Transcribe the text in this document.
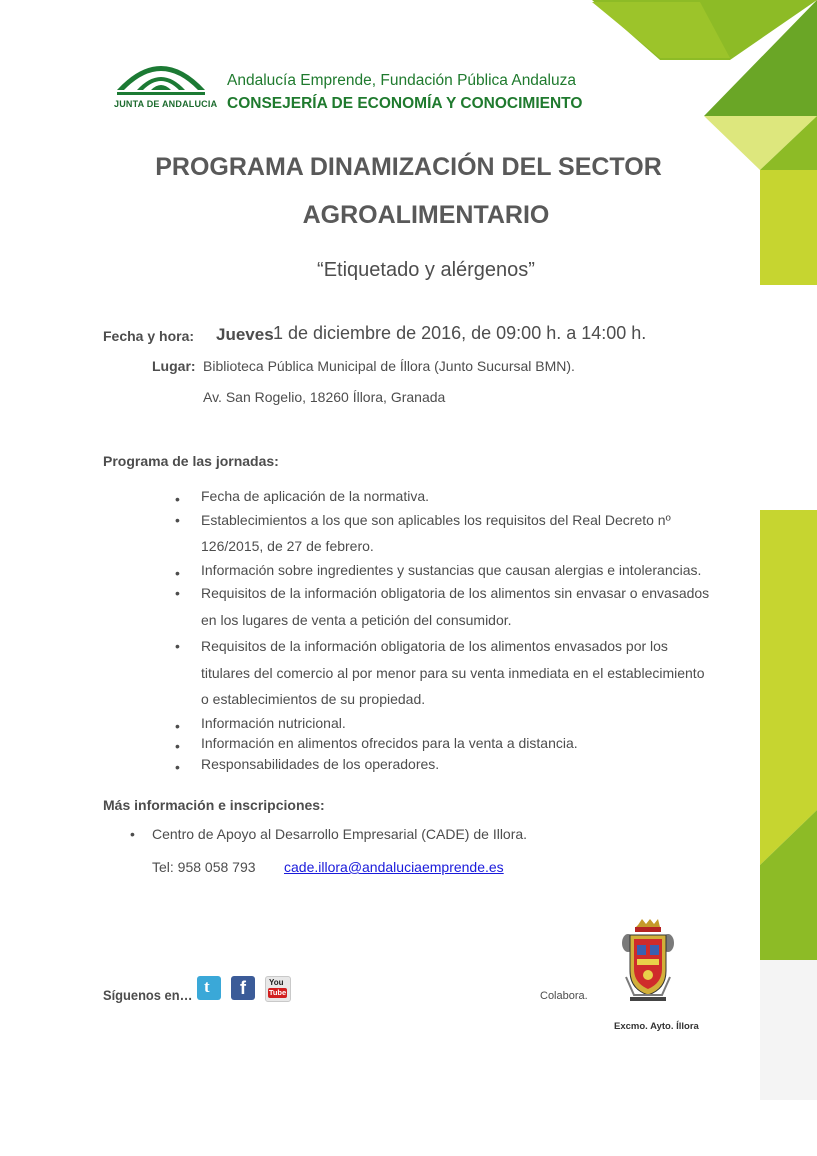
JUNTA DE ANDALUCIA
Andalucía Emprende, Fundación Pública Andaluza
CONSEJERÍA DE ECONOMÍA Y CONOCIMIENTO
PROGRAMA DINAMIZACIÓN DEL SECTOR
AGROALIMENTARIO
“Etiquetado y alérgenos”
Fecha y hora: Jueves 1 de diciembre de 2016, de 09:00 h. a 14:00 h.
Lugar: Biblioteca Pública Municipal de Íllora (Junto Sucursal BMN).
Av. San Rogelio, 18260 Íllora, Granada
Programa de las jornadas:
• Fecha de aplicación de la normativa.
• Establecimientos a los que son aplicables los requisitos del Real Decreto nº
126/2015, de 27 de febrero.
• Información sobre ingredientes y sustancias que causan alergias e intolerancias.
• Requisitos de la información obligatoria de los alimentos sin envasar o envasados
en los lugares de venta a petición del consumidor.
• Requisitos de la información obligatoria de los alimentos envasados por los
titulares del comercio al por menor para su venta inmediata en el establecimiento
o establecimientos de su propiedad.
• Información nutricional.
• Información en alimentos ofrecidos para la venta a distancia.
• Responsabilidades de los operadores.
Más información e inscripciones:
• Centro de Apoyo al Desarrollo Empresarial (CADE) de Illora.
Tel: 958 058 793 cade.illora@andaluciaemprende.es
Síguenos en… t f	You
Tube	Colabora.
Excmo. Ayto. Íllora
